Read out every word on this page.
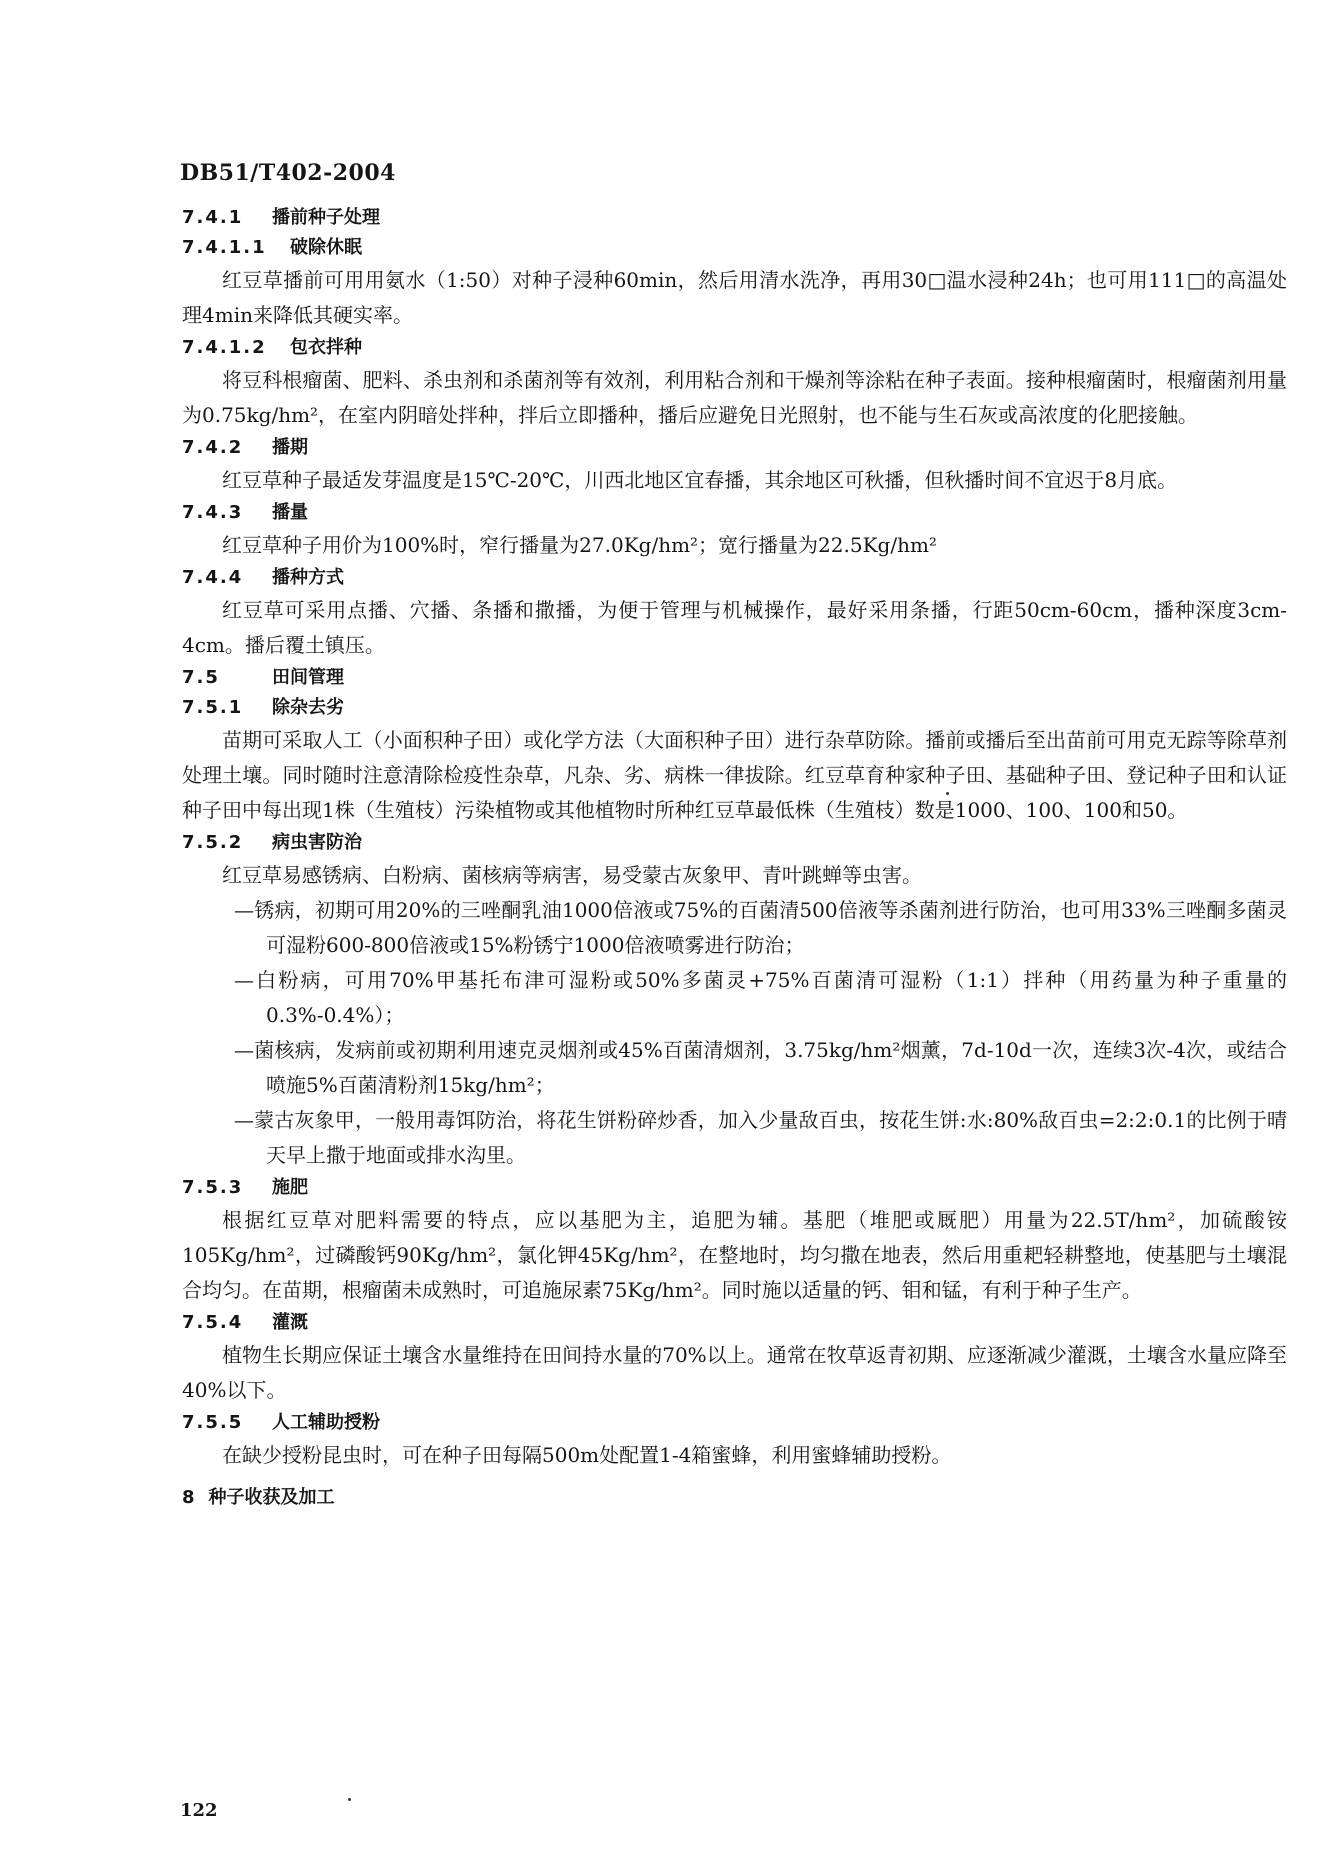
DB51/T402-2004
7.4.1 播前种子处理
7.4.1.1 破除休眠

红豆草播前可用用氨水（1:50）对种子浸种60min，然后用清水洗净，再用30□温水浸种24h；也可用111□的高温处理4min来降低其硬实率。

7.4.1.2 包衣拌种

将豆科根瘤菌、肥料、杀虫剂和杀菌剂等有效剂，利用粘合剂和干燥剂等涂粘在种子表面。接种根瘤菌时，根瘤菌剂用量为0.75kg/hm²，在室内阴暗处拌种，拌后立即播种，播后应避免日光照射，也不能与生石灰或高浓度的化肥接触。

7.4.2 播期

红豆草种子最适发芽温度是15℃-20℃，川西北地区宜春播，其余地区可秋播，但秋播时间不宜迟于8月底。

7.4.3 播量

红豆草种子用价为100%时，窄行播量为27.0Kg/hm²；宽行播量为22.5Kg/hm²

7.4.4 播种方式

红豆草可采用点播、穴播、条播和撒播，为便于管理与机械操作，最好采用条播，行距50cm-60cm，播种深度3cm-4cm。播后覆土镇压。

7.5	田间管理
7.5.1 除杂去劣

苗期可采取人工（小面积种子田）或化学方法（大面积种子田）进行杂草防除。播前或播后至出苗前可用克无踪等除草剂处理土壤。同时随时注意清除检疫性杂草，凡杂、劣、病株一律拔除。红豆草育种家种子田、基础种子田、登记种子田和认证种子田中每出现1株（生殖枝）污染植物或其他植物时所种红豆草最低株（生殖枝）数是1000、100、100和50。

7.5.2 病虫害防治

红豆草易感锈病、白粉病、菌核病等病害，易受蒙古灰象甲、青叶跳蝉等虫害。

—锈病，初期可用20%的三唑酮乳油1000倍液或75%的百菌清500倍液等杀菌剂进行防治，也可用33%三唑酮多菌灵可湿粉600-800倍液或15%粉锈宁1000倍液喷雾进行防治；

—白粉病，可用70%甲基托布津可湿粉或50%多菌灵+75%百菌清可湿粉（1:1）拌种（用药量为种子重量的0.3%-0.4%）；

—菌核病，发病前或初期利用速克灵烟剂或45%百菌清烟剂，3.75kg/hm²烟薰，7d-10d一次，连续3次-4次，或结合喷施5%百菌清粉剂15kg/hm²；

—蒙古灰象甲，一般用毒饵防治，将花生饼粉碎炒香，加入少量敌百虫，按花生饼:水:80%敌百虫=2:2:0.1的比例于晴天早上撒于地面或排水沟里。

7.5.3 施肥

根据红豆草对肥料需要的特点，应以基肥为主，追肥为辅。基肥（堆肥或厩肥）用量为22.5T/hm²，加硫酸铵105Kg/hm²，过磷酸钙90Kg/hm²，氯化钾45Kg/hm²，在整地时，均匀撒在地表，然后用重耙轻耕整地，使基肥与土壤混合均匀。在苗期，根瘤菌未成熟时，可追施尿素75Kg/hm²。同时施以适量的钙、钼和锰，有利于种子生产。

7.5.4 灌溉

植物生长期应保证土壤含水量维持在田间持水量的70%以上。通常在牧草返青初期、应逐渐减少灌溉，土壤含水量应降至40%以下。

7.5.5 人工辅助授粉

在缺少授粉昆虫时，可在种子田每隔500m处配置1-4箱蜜蜂，利用蜜蜂辅助授粉。

8 种子收获及加工
122
